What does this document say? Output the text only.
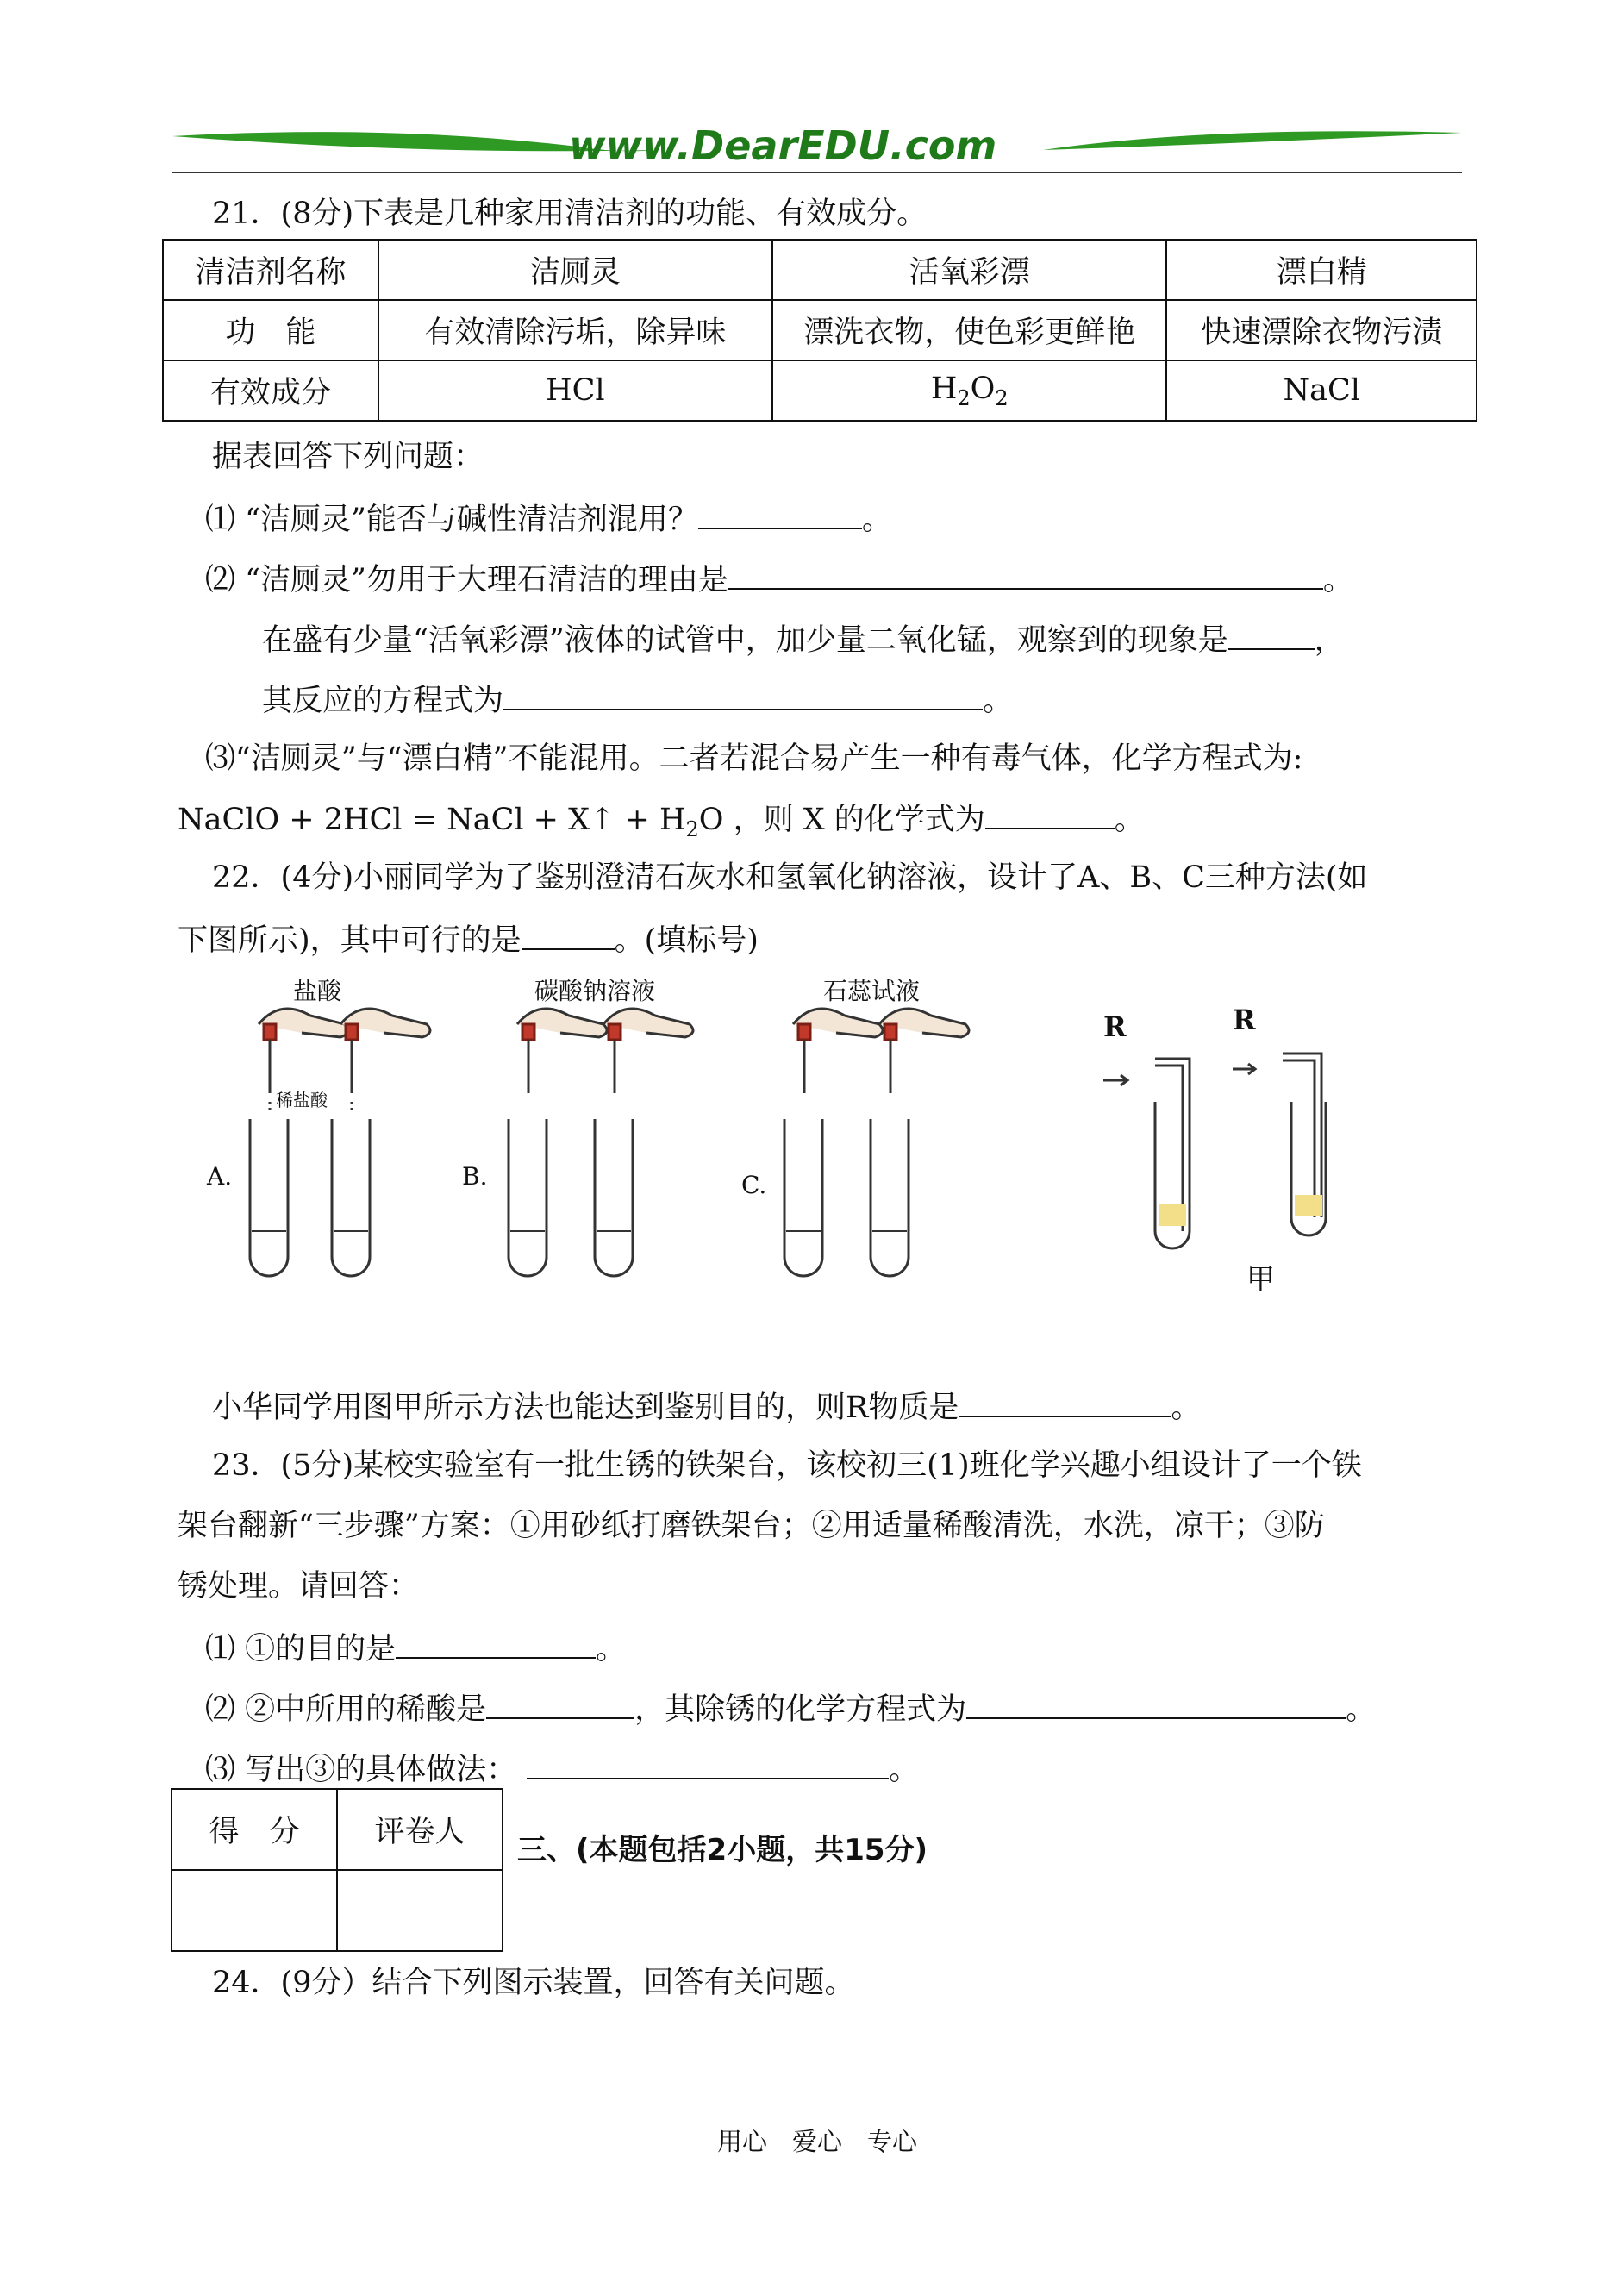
www.DearEDU.com
21．(8分)下表是几种家用清洁剂的功能、有效成分。
清洁剂名称	洁厕灵	活氧彩漂	漂白精
功　能	有效清除污垢，除异味	漂洗衣物，使色彩更鲜艳	快速漂除衣物污渍
有效成分	HCl	$H_2O_2$	NaCl
据表回答下列问题：
⑴ “洁厕灵”能否与碱性清洁剂混用？	。
⑵ “洁厕灵”勿用于大理石清洁的理由是	。
在盛有少量“活氧彩漂”液体的试管中，加少量二氧化锰，观察到的现象是	，
其反应的方程式为	。
⑶“洁厕灵”与“漂白精”不能混用。二者若混合易产生一种有毒气体，化学方程式为:
NaClO + 2HCl = NaCl + X↑ + $H_2O$ ，则 X 的化学式为	。
22．(4分)小丽同学为了鉴别澄清石灰水和氢氧化钠溶液，设计了A、B、C三种方法(如
下图所示)，其中可行的是	。(填标号)
盐酸
稀盐酸
碳酸钠溶液	石蕊试液
A.	B.	C.
R	R
甲
小华同学用图甲所示方法也能达到鉴别目的，则R物质是	。
23．(5分)某校实验室有一批生锈的铁架台，该校初三(1)班化学兴趣小组设计了一个铁
架台翻新“三步骤”方案：①用砂纸打磨铁架台；②用适量稀酸清洗，水洗，凉干；③防
锈处理。请回答：
⑴ ①的目的是	。
⑵ ②中所用的稀酸是	，其除锈的化学方程式为	。
⑶ 写出③的具体做法：	。
得　分	评卷人

三、(本题包括2小题，共15分)
24．(9分）结合下列图示装置，回答有关问题。
用心　爱心　专心
